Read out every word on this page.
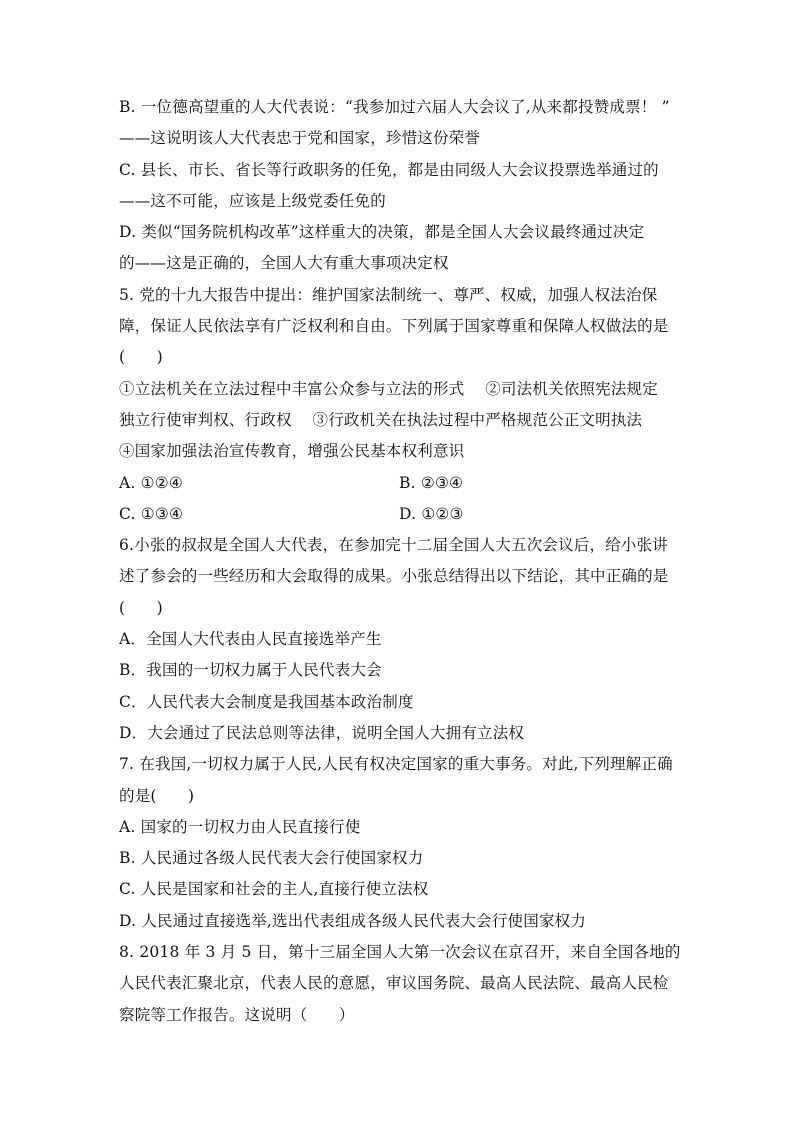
B. 一位德高望重的人大代表说：“我参加过六届人大会议了,从来都投赞成票！ ”
——这说明该人大代表忠于党和国家，珍惜这份荣誉
C. 县长、市长、省长等行政职务的任免，都是由同级人大会议投票选举通过的
——这不可能，应该是上级党委任免的
D. 类似“国务院机构改革”这样重大的决策，都是全国人大会议最终通过决定
的——这是正确的，全国人大有重大事项决定权
5. 党的十九大报告中提出：维护国家法制统一、尊严、权威，加强人权法治保
障，保证人民依法享有广泛权利和自由。下列属于国家尊重和保障人权做法的是
(　　)
①立法机关在立法过程中丰富公众参与立法的形式　 ②司法机关依照宪法规定
独立行使审判权、行政权　 ③行政机关在执法过程中严格规范公正文明执法
④国家加强法治宣传教育，增强公民基本权利意识
A. ①②④	B. ②③④
C. ①③④	D. ①②③
6.小张的叔叔是全国人大代表，在参加完十二届全国人大五次会议后，给小张讲
述了参会的一些经历和大会取得的成果。小张总结得出以下结论，其中正确的是
(　　)
A．全国人大代表由人民直接选举产生
B．我国的一切权力属于人民代表大会
C．人民代表大会制度是我国基本政治制度
D．大会通过了民法总则等法律，说明全国人大拥有立法权
7. 在我国,一切权力属于人民,人民有权决定国家的重大事务。对此,下列理解正确
的是(　　)
A. 国家的一切权力由人民直接行使
B. 人民通过各级人民代表大会行使国家权力
C. 人民是国家和社会的主人,直接行使立法权
D. 人民通过直接选举,选出代表组成各级人民代表大会行使国家权力
8. 2018 年 3 月 5 日，第十三届全国人大第一次会议在京召开，来自全国各地的
人民代表汇聚北京，代表人民的意愿，审议国务院、最高人民法院、最高人民检
察院等工作报告。这说明（　　）
